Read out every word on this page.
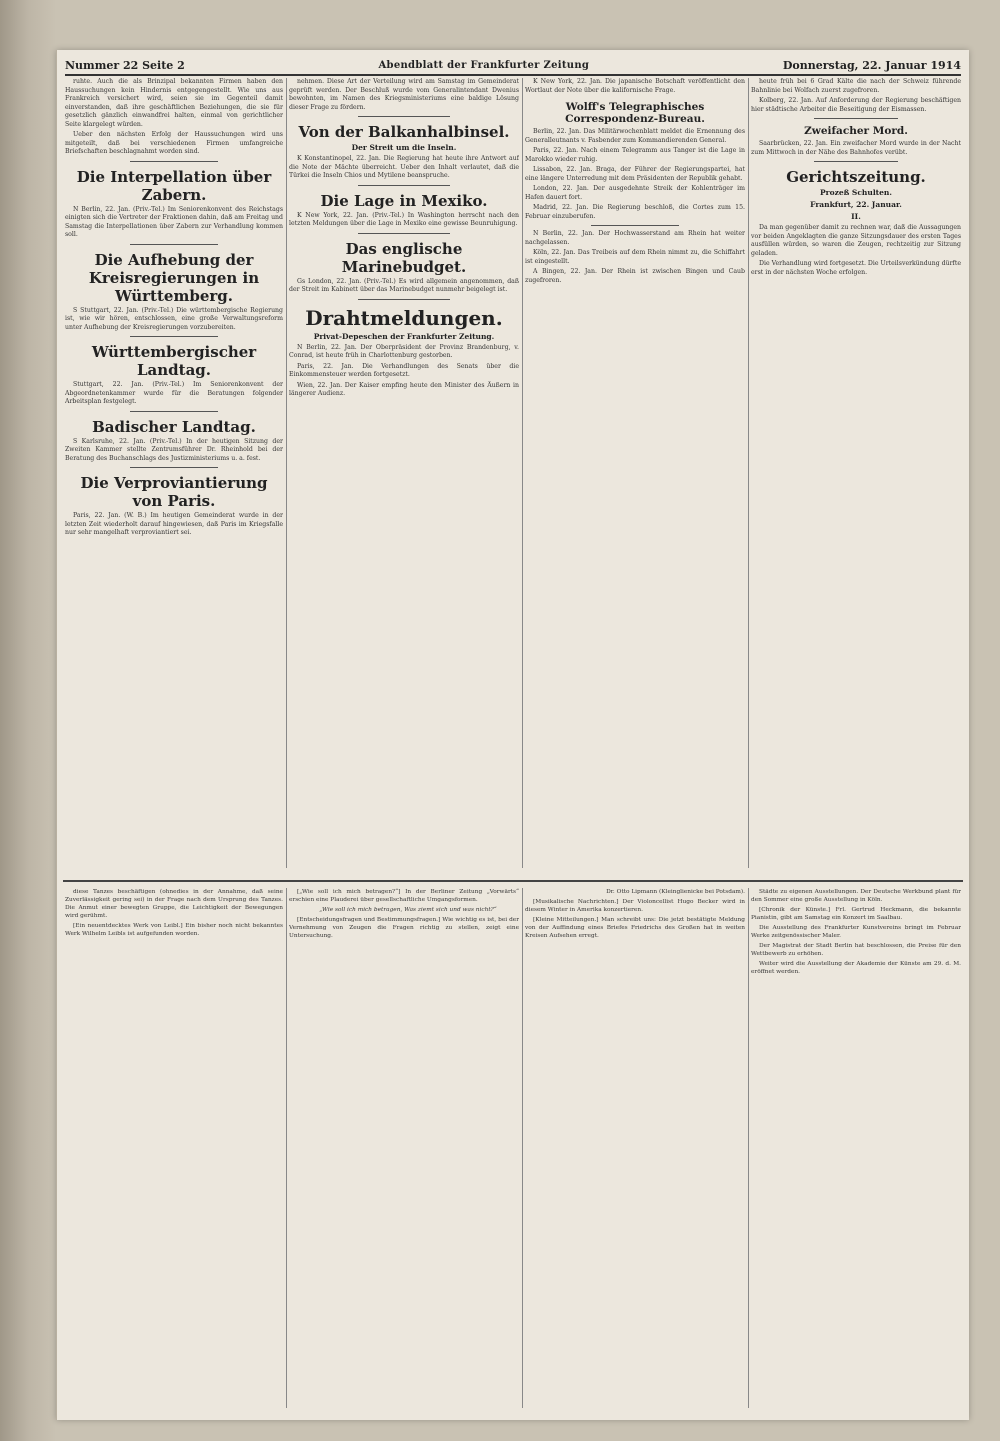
Nummer 22 Seite 2	Abendblatt der Frankfurter Zeitung	Donnerstag, 22. Januar 1914

ruhte. Auch die als Brinzipal bekannten Firmen haben den Haussuchungen kein Hindernis entgegengestellt. Wie uns aus Frankreich versichert wird, seien sie im Gegenteil damit einverstanden, daß ihre geschäftlichen Beziehungen, die sie für gesetzlich gänzlich einwandfrei halten, einmal von gerichtlicher Seite klargelegt würden.

Ueber den nächsten Erfolg der Haussuchungen wird uns mitgeteilt, daß bei verschiedenen Firmen umfangreiche Briefschaften beschlagnahmt worden sind.

Die Interpellation über Zabern.

N Berlin, 22. Jan. (Priv.-Tel.) Im Seniorenkonvent des Reichstags einigten sich die Vertreter der Fraktionen dahin, daß am Freitag und Samstag die Interpellationen über Zabern zur Verhandlung kommen soll.

Die Aufhebung der Kreisregierungen in Württemberg.

S Stuttgart, 22. Jan. (Priv.-Tel.) Die württembergische Regierung ist, wie wir hören, entschlossen, eine große Verwaltungsreform unter Aufhebung der Kreisregierungen vorzubereiten.

Württembergischer Landtag.

Stuttgart, 22. Jan. (Priv.-Tel.) Im Seniorenkonvent der Abgeordnetenkammer wurde für die Beratungen folgender Arbeitsplan festgelegt.

Badischer Landtag.

S Karlsruhe, 22. Jan. (Priv.-Tel.) In der heutigen Sitzung der Zweiten Kammer stellte Zentrumsführer Dr. Rheinhold bei der Beratung des Buchanschlags des Justizministeriums u. a. fest.

Die Verproviantierung von Paris.

Paris, 22. Jan. (W. B.) Im heutigen Gemeinderat wurde in der letzten Zeit wiederholt darauf hingewiesen, daß Paris im Kriegsfalle nur sehr mangelhaft verproviantiert sei.

nehmen. Diese Art der Verteilung wird am Samstag im Gemeinderat geprüft werden. Der Beschluß wurde vom Generalintendant Dwenius bewohnten, im Namen des Kriegsministeriums eine baldige Lösung dieser Frage zu fördern.

Von der Balkanhalbinsel.
Der Streit um die Inseln.

K Konstantinopel, 22. Jan. Die Regierung hat heute ihre Antwort auf die Note der Mächte überreicht. Ueber den Inhalt verlautet, daß die Türkei die Inseln Chios und Mytilene beanspruche.

Die Lage in Mexiko.

K New York, 22. Jan. (Priv.-Tel.) In Washington herrscht nach den letzten Meldungen über die Lage in Mexiko eine gewisse Beunruhigung.

Das englische Marinebudget.

Gs London, 22. Jan. (Priv.-Tel.) Es wird allgemein angenommen, daß der Streit im Kabinett über das Marinebudget nunmehr beigelegt ist.

Drahtmeldungen.
Privat-Depeschen der Frankfurter Zeitung.

N Berlin, 22. Jan. Der Oberpräsident der Provinz Brandenburg, v. Conrad, ist heute früh in Charlottenburg gestorben.

Paris, 22. Jan. Die Verhandlungen des Senats über die Einkommensteuer werden fortgesetzt.

Wien, 22. Jan. Der Kaiser empfing heute den Minister des Äußern in längerer Audienz.

K New York, 22. Jan. Die japanische Botschaft veröffentlicht den Wortlaut der Note über die kalifornische Frage.

Wolff's Telegraphisches Correspondenz-Bureau.

Berlin, 22. Jan. Das Militärwochenblatt meldet die Ernennung des Generalleutnants v. Fasbender zum Kommandierenden General.

Paris, 22. Jan. Nach einem Telegramm aus Tanger ist die Lage in Marokko wieder ruhig.

Lissabon, 22. Jan. Braga, der Führer der Regierungspartei, hat eine längere Unterredung mit dem Präsidenten der Republik gehabt.

London, 22. Jan. Der ausgedehnte Streik der Kohlenträger im Hafen dauert fort.

Madrid, 22. Jan. Die Regierung beschloß, die Cortes zum 15. Februar einzuberufen.

N Berlin, 22. Jan. Der Hochwasserstand am Rhein hat weiter nachgelassen.

Köln, 22. Jan. Das Treibeis auf dem Rhein nimmt zu, die Schiffahrt ist eingestellt.

A Bingen, 22. Jan. Der Rhein ist zwischen Bingen und Caub zugefroren.

heute früh bei 6 Grad Kälte die nach der Schweiz führende Bahnlinie bei Wolfach zuerst zugefroren.

Kolberg, 22. Jan. Auf Anforderung der Regierung beschäftigen hier städtische Arbeiter die Beseitigung der Eismassen.

Zweifacher Mord.

Saarbrücken, 22. Jan. Ein zweifacher Mord wurde in der Nacht zum Mittwoch in der Nähe des Bahnhofes verübt.

Gerichtszeitung.
Prozeß Schulten.
Frankfurt, 22. Januar.
II.

Da man gegenüber damit zu rechnen war, daß die Aussagungen vor beiden Angeklagten die ganze Sitzungsdauer des ersten Tages ausfüllen würden, so waren die Zeugen, rechtzeitig zur Sitzung geladen.

Die Verhandlung wird fortgesetzt. Die Urteilsverkündung dürfte erst in der nächsten Woche erfolgen.

diese Tanzes beschäftigen (ohnedies in der Annahme, daß seine Zuverlässigkeit gering sei) in der Frage nach dem Ursprung des Tanzes. Die Anmut einer bewegten Gruppe, die Leichtigkeit der Bewegungen wird gerühmt.

[Ein neuentdecktes Werk von Leibl.] Ein bisher noch nicht bekanntes Werk Wilhelm Leibls ist aufgefunden worden.

[„Wie soll ich mich betragen?“] In der Berliner Zeitung „Vorwärts“ erschien eine Plauderei über gesellschaftliche Umgangsformen.

„Wie soll ich mich betragen, Was ziemt sich und was nicht?“

[Entscheidungsfragen und Bestimmungsfragen.] Wie wichtig es ist, bei der Vernehmung von Zeugen die Fragen richtig zu stellen, zeigt eine Untersuchung.

Dr. Otto Lipmann (Kleinglienicke bei Potsdam).

[Musikalische Nachrichten.] Der Violoncellist Hugo Becker wird in diesem Winter in Amerika konzertieren.

[Kleine Mitteilungen.] Man schreibt uns: Die jetzt bestätigte Meldung von der Auffindung eines Briefes Friedrichs des Großen hat in weiten Kreisen Aufsehen erregt.

Städte zu eigenen Ausstellungen. Der Deutsche Werkbund plant für den Sommer eine große Ausstellung in Köln.

[Chronik der Künste.] Frl. Gertrud Heckmann, die bekannte Pianistin, gibt am Samstag ein Konzert im Saalbau.

Die Ausstellung des Frankfurter Kunstvereins bringt im Februar Werke zeitgenössischer Maler.

Der Magistrat der Stadt Berlin hat beschlossen, die Preise für den Wettbewerb zu erhöhen.

Weiter wird die Ausstellung der Akademie der Künste am 29. d. M. eröffnet werden.
